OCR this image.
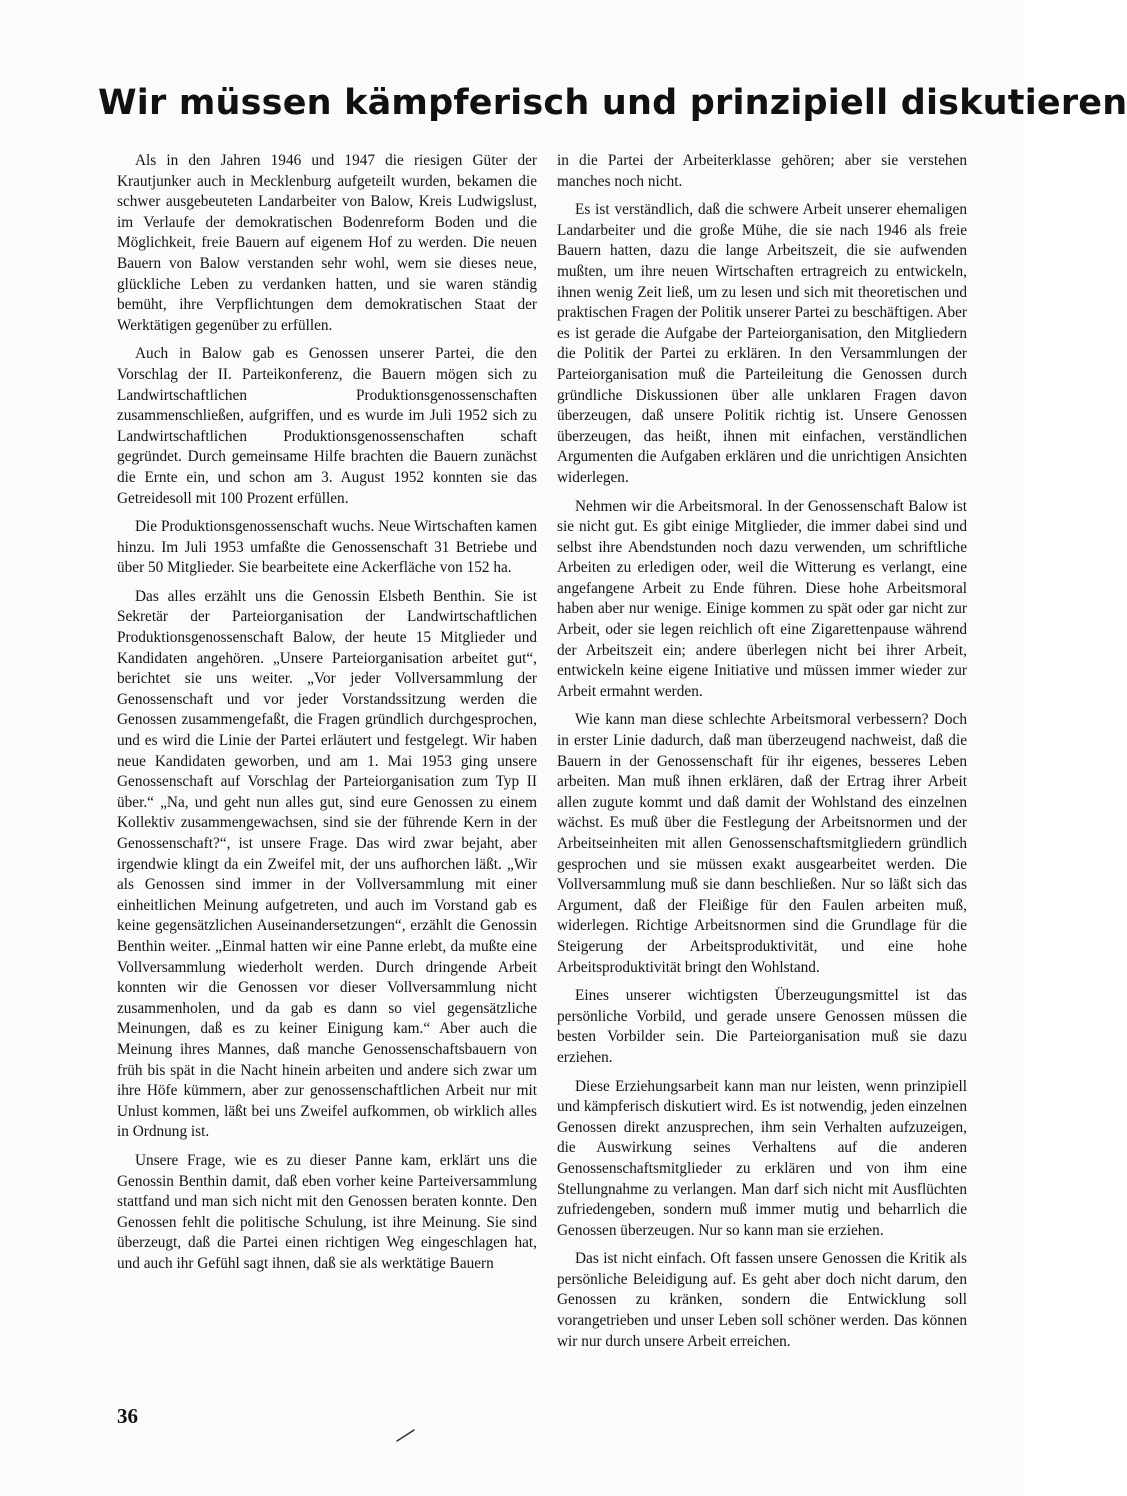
Wir müssen kämpferisch und prinzipiell diskutieren

Als in den Jahren 1946 und 1947 die riesigen Güter der Krautjunker auch in Mecklenburg aufgeteilt wurden, bekamen die schwer ausgebeuteten Landarbeiter von Balow, Kreis Ludwigslust, im Verlaufe der demokratischen Bodenreform Boden und die Möglichkeit, freie Bauern auf eigenem Hof zu werden. Die neuen Bauern von Balow verstanden sehr wohl, wem sie dieses neue, glückliche Leben zu verdanken hatten, und sie waren ständig bemüht, ihre Verpflichtungen dem demokratischen Staat der Werktätigen gegenüber zu erfüllen.

Auch in Balow gab es Genossen unserer Partei, die den Vorschlag der II. Parteikonferenz, die Bauern mögen sich zu Landwirtschaftlichen Produktionsgenossenschaften zusammenschließen, aufgriffen, und es wurde im Juli 1952 sich zu Landwirtschaftlichen Produktionsgenossenschaften schaft gegründet. Durch gemeinsame Hilfe brachten die Bauern zunächst die Ernte ein, und schon am 3. August 1952 konnten sie das Getreidesoll mit 100 Prozent erfüllen.

Die Produktionsgenossenschaft wuchs. Neue Wirtschaften kamen hinzu. Im Juli 1953 umfaßte die Genossenschaft 31 Betriebe und über 50 Mitglieder. Sie bearbeitete eine Ackerfläche von 152 ha.

Das alles erzählt uns die Genossin Elsbeth Benthin. Sie ist Sekretär der Parteiorganisation der Landwirtschaftlichen Produktionsgenossenschaft Balow, der heute 15 Mitglieder und Kandidaten angehören. „Unsere Parteiorganisation arbeitet gut“, berichtet sie uns weiter. „Vor jeder Vollversammlung der Genossenschaft und vor jeder Vorstandssitzung werden die Genossen zusammengefaßt, die Fragen gründlich durchgesprochen, und es wird die Linie der Partei erläutert und festgelegt. Wir haben neue Kandidaten geworben, und am 1. Mai 1953 ging unsere Genossenschaft auf Vorschlag der Parteiorganisation zum Typ II über.“ „Na, und geht nun alles gut, sind eure Genossen zu einem Kollektiv zusammengewachsen, sind sie der führende Kern in der Genossenschaft?“, ist unsere Frage. Das wird zwar bejaht, aber irgendwie klingt da ein Zweifel mit, der uns aufhorchen läßt. „Wir als Genossen sind immer in der Vollversammlung mit einer einheitlichen Meinung aufgetreten, und auch im Vorstand gab es keine gegensätzlichen Auseinandersetzungen“, erzählt die Genossin Benthin weiter. „Einmal hatten wir eine Panne erlebt, da mußte eine Vollversammlung wiederholt werden. Durch dringende Arbeit konnten wir die Genossen vor dieser Vollversammlung nicht zusammenholen, und da gab es dann so viel gegensätzliche Meinungen, daß es zu keiner Einigung kam.“ Aber auch die Meinung ihres Mannes, daß manche Genossenschaftsbauern von früh bis spät in die Nacht hinein arbeiten und andere sich zwar um ihre Höfe kümmern, aber zur genossenschaftlichen Arbeit nur mit Unlust kommen, läßt bei uns Zweifel aufkommen, ob wirklich alles in Ordnung ist.

Unsere Frage, wie es zu dieser Panne kam, erklärt uns die Genossin Benthin damit, daß eben vorher keine Parteiversammlung stattfand und man sich nicht mit den Genossen beraten konnte. Den Genossen fehlt die politische Schulung, ist ihre Meinung. Sie sind überzeugt, daß die Partei einen richtigen Weg eingeschlagen hat, und auch ihr Gefühl sagt ihnen, daß sie als werktätige Bauern

in die Partei der Arbeiterklasse gehören; aber sie verstehen manches noch nicht.

Es ist verständlich, daß die schwere Arbeit unserer ehemaligen Landarbeiter und die große Mühe, die sie nach 1946 als freie Bauern hatten, dazu die lange Arbeitszeit, die sie aufwenden mußten, um ihre neuen Wirtschaften ertragreich zu entwickeln, ihnen wenig Zeit ließ, um zu lesen und sich mit theoretischen und praktischen Fragen der Politik unserer Partei zu beschäftigen. Aber es ist gerade die Aufgabe der Parteiorganisation, den Mitgliedern die Politik der Partei zu erklären. In den Versammlungen der Parteiorganisation muß die Parteileitung die Genossen durch gründliche Diskussionen über alle unklaren Fragen davon überzeugen, daß unsere Politik richtig ist. Unsere Genossen überzeugen, das heißt, ihnen mit einfachen, verständlichen Argumenten die Aufgaben erklären und die unrichtigen Ansichten widerlegen.

Nehmen wir die Arbeitsmoral. In der Genossenschaft Balow ist sie nicht gut. Es gibt einige Mitglieder, die immer dabei sind und selbst ihre Abendstunden noch dazu verwenden, um schriftliche Arbeiten zu erledigen oder, weil die Witterung es verlangt, eine angefangene Arbeit zu Ende führen. Diese hohe Arbeitsmoral haben aber nur wenige. Einige kommen zu spät oder gar nicht zur Arbeit, oder sie legen reichlich oft eine Zigarettenpause während der Arbeitszeit ein; andere überlegen nicht bei ihrer Arbeit, entwickeln keine eigene Initiative und müssen immer wieder zur Arbeit ermahnt werden.

Wie kann man diese schlechte Arbeitsmoral verbessern? Doch in erster Linie dadurch, daß man überzeugend nachweist, daß die Bauern in der Genossenschaft für ihr eigenes, besseres Leben arbeiten. Man muß ihnen erklären, daß der Ertrag ihrer Arbeit allen zugute kommt und daß damit der Wohlstand des einzelnen wächst. Es muß über die Festlegung der Arbeitsnormen und der Arbeitseinheiten mit allen Genossenschaftsmitgliedern gründlich gesprochen und sie müssen exakt ausgearbeitet werden. Die Vollversammlung muß sie dann beschließen. Nur so läßt sich das Argument, daß der Fleißige für den Faulen arbeiten muß, widerlegen. Richtige Arbeitsnormen sind die Grundlage für die Steigerung der Arbeitsproduktivität, und eine hohe Arbeitsproduktivität bringt den Wohlstand.

Eines unserer wichtigsten Überzeugungsmittel ist das persönliche Vorbild, und gerade unsere Genossen müssen die besten Vorbilder sein. Die Parteiorganisation muß sie dazu erziehen.

Diese Erziehungsarbeit kann man nur leisten, wenn prinzipiell und kämpferisch diskutiert wird. Es ist notwendig, jeden einzelnen Genossen direkt anzusprechen, ihm sein Verhalten aufzuzeigen, die Auswirkung seines Verhaltens auf die anderen Genossenschaftsmitglieder zu erklären und von ihm eine Stellungnahme zu verlangen. Man darf sich nicht mit Ausflüchten zufriedengeben, sondern muß immer mutig und beharrlich die Genossen überzeugen. Nur so kann man sie erziehen.

Das ist nicht einfach. Oft fassen unsere Genossen die Kritik als persönliche Beleidigung auf. Es geht aber doch nicht darum, den Genossen zu kränken, sondern die Entwicklung soll vorangetrieben und unser Leben soll schöner werden. Das können wir nur durch unsere Arbeit erreichen.

36
